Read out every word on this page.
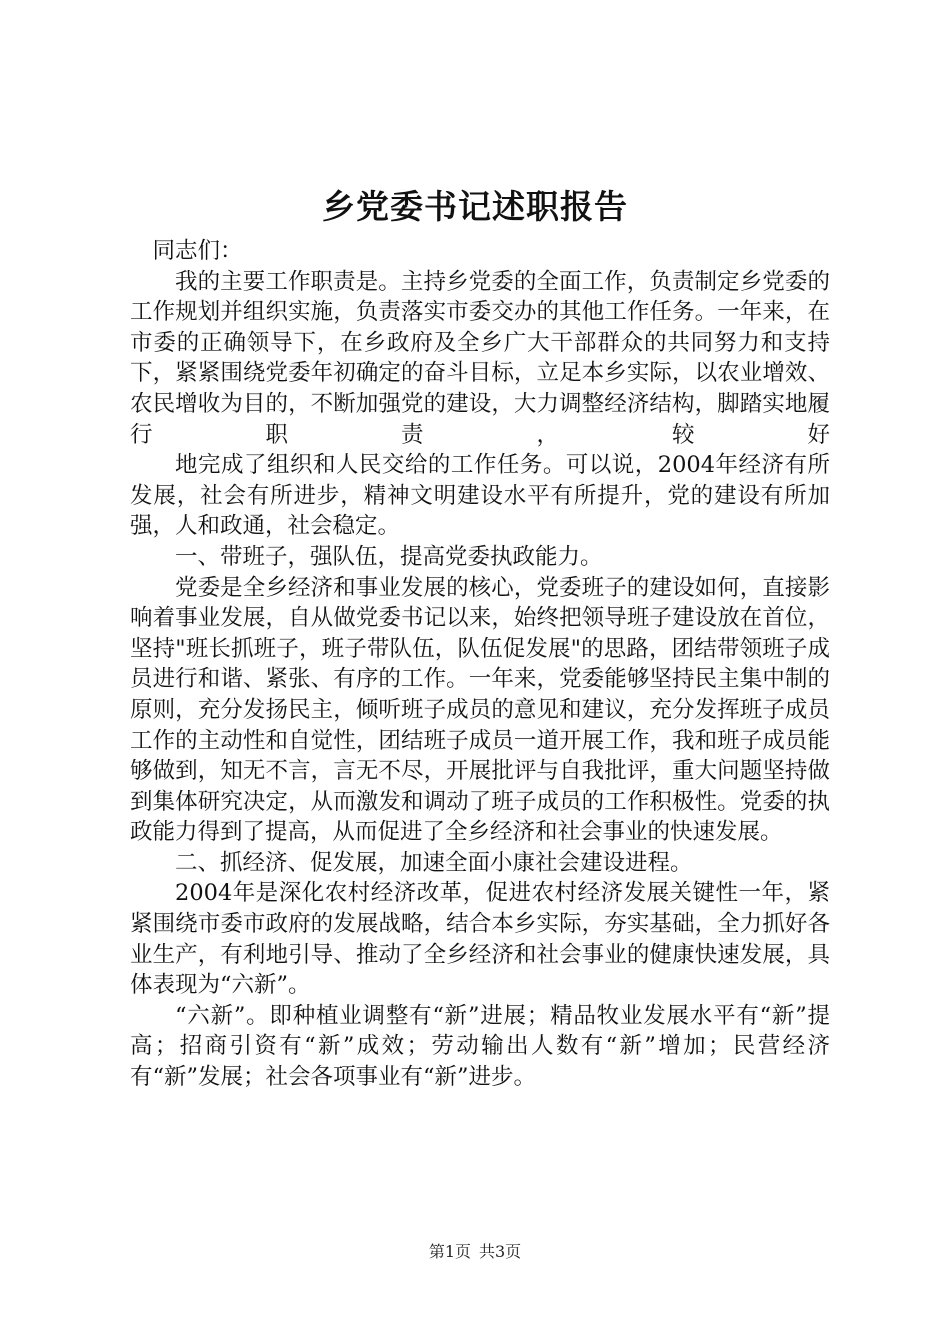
乡党委书记述职报告

同志们：

我的主要工作职责是。主持乡党委的全面工作，负责制定乡党委的工作规划并组织实施，负责落实市委交办的其他工作任务。一年来，在市委的正确领导下，在乡政府及全乡广大干部群众的共同努力和支持下，紧紧围绕党委年初确定的奋斗目标，立足本乡实际，以农业增效、农民增收为目的，不断加强党的建设，大力调整经济结构，脚踏实地履行职责，较好

地完成了组织和人民交给的工作任务。可以说，2004年经济有所发展，社会有所进步，精神文明建设水平有所提升，党的建设有所加强，人和政通，社会稳定。

一、带班子，强队伍，提高党委执政能力。

党委是全乡经济和事业发展的核心，党委班子的建设如何，直接影响着事业发展，自从做党委书记以来，始终把领导班子建设放在首位，坚持"班长抓班子，班子带队伍，队伍促发展"的思路，团结带领班子成员进行和谐、紧张、有序的工作。一年来，党委能够坚持民主集中制的原则，充分发扬民主，倾听班子成员的意见和建议，充分发挥班子成员工作的主动性和自觉性，团结班子成员一道开展工作，我和班子成员能够做到，知无不言，言无不尽，开展批评与自我批评，重大问题坚持做到集体研究决定，从而激发和调动了班子成员的工作积极性。党委的执政能力得到了提高，从而促进了全乡经济和社会事业的快速发展。

二、抓经济、促发展，加速全面小康社会建设进程。

2004年是深化农村经济改革，促进农村经济发展关键性一年，紧紧围绕市委市政府的发展战略，结合本乡实际，夯实基础，全力抓好各业生产，有利地引导、推动了全乡经济和社会事业的健康快速发展，具体表现为“六新”。

“六新”。即种植业调整有“新”进展；精品牧业发展水平有“新”提高；招商引资有“新”成效；劳动输出人数有“新”增加；民营经济有“新”发展；社会各项事业有“新”进步。

第1页 共3页
